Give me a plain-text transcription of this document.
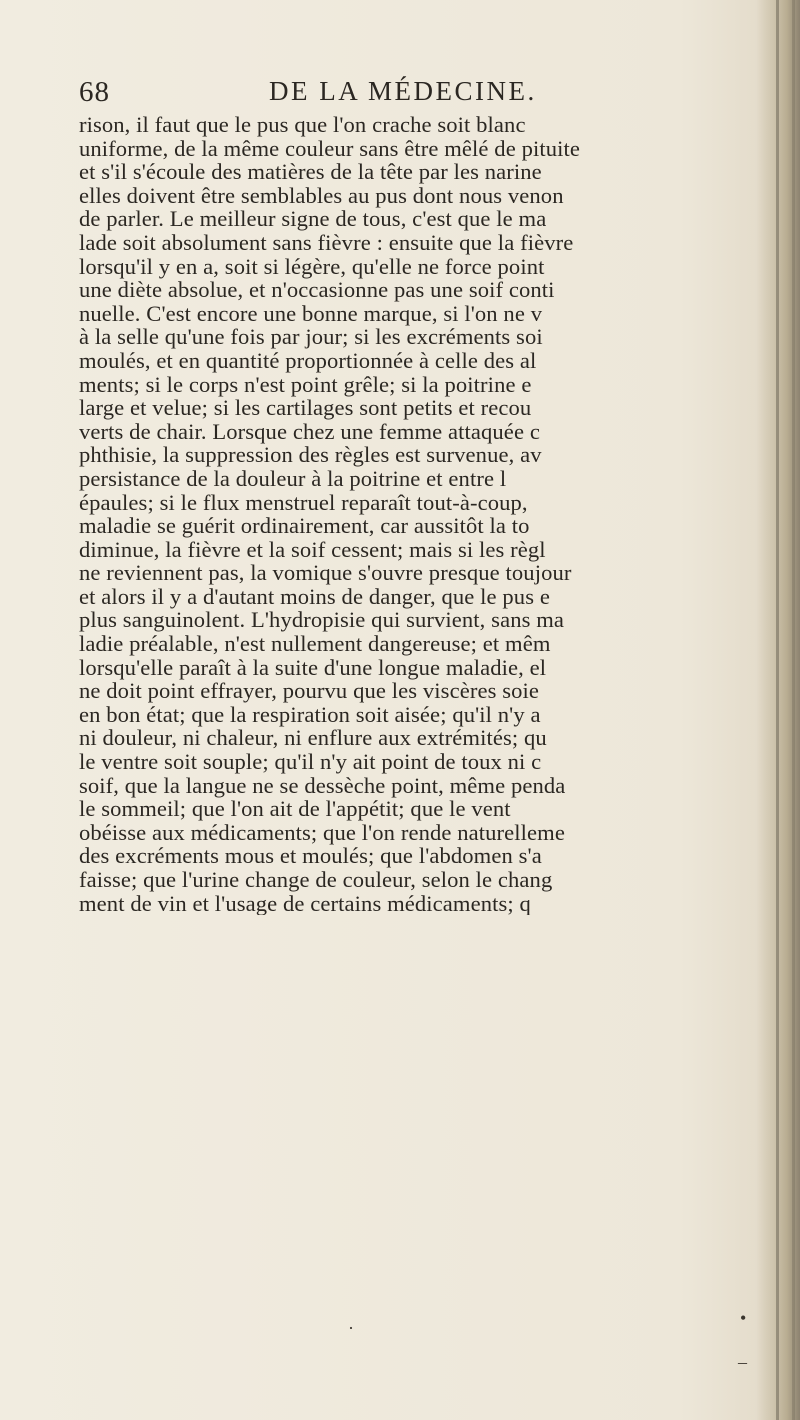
68	DE LA MÉDECINE.
rison, il faut que le pus que l'on crache soit blanc
uniforme, de la même couleur sans être mêlé de pituite
et s'il s'écoule des matières de la tête par les narine
elles doivent être semblables au pus dont nous venon
de parler. Le meilleur signe de tous, c'est que le ma
lade soit absolument sans fièvre : ensuite que la fièvre
lorsqu'il y en a, soit si légère, qu'elle ne force point
une diète absolue, et n'occasionne pas une soif conti
nuelle. C'est encore une bonne marque, si l'on ne v
à la selle qu'une fois par jour; si les excréments soi
moulés, et en quantité proportionnée à celle des al
ments; si le corps n'est point grêle; si la poitrine e
large et velue; si les cartilages sont petits et recou
verts de chair. Lorsque chez une femme attaquée c
phthisie, la suppression des règles est survenue, av
persistance de la douleur à la poitrine et entre l
épaules; si le flux menstruel reparaît tout-à-coup,
maladie se guérit ordinairement, car aussitôt la to
diminue, la fièvre et la soif cessent; mais si les règl
ne reviennent pas, la vomique s'ouvre presque toujour
et alors il y a d'autant moins de danger, que le pus e
plus sanguinolent. L'hydropisie qui survient, sans ma
ladie préalable, n'est nullement dangereuse; et mêm
lorsqu'elle paraît à la suite d'une longue maladie, el
ne doit point effrayer, pourvu que les viscères soie
en bon état; que la respiration soit aisée; qu'il n'y a
ni douleur, ni chaleur, ni enflure aux extrémités; qu
le ventre soit souple; qu'il n'y ait point de toux ni c
soif, que la langue ne se dessèche point, même penda
le sommeil; que l'on ait de l'appétit; que le vent
obéisse aux médicaments; que l'on rende naturelleme
des excréments mous et moulés; que l'abdomen s'a
faisse; que l'urine change de couleur, selon le chang
ment de vin et l'usage de certains médicaments; q
·	•
–
